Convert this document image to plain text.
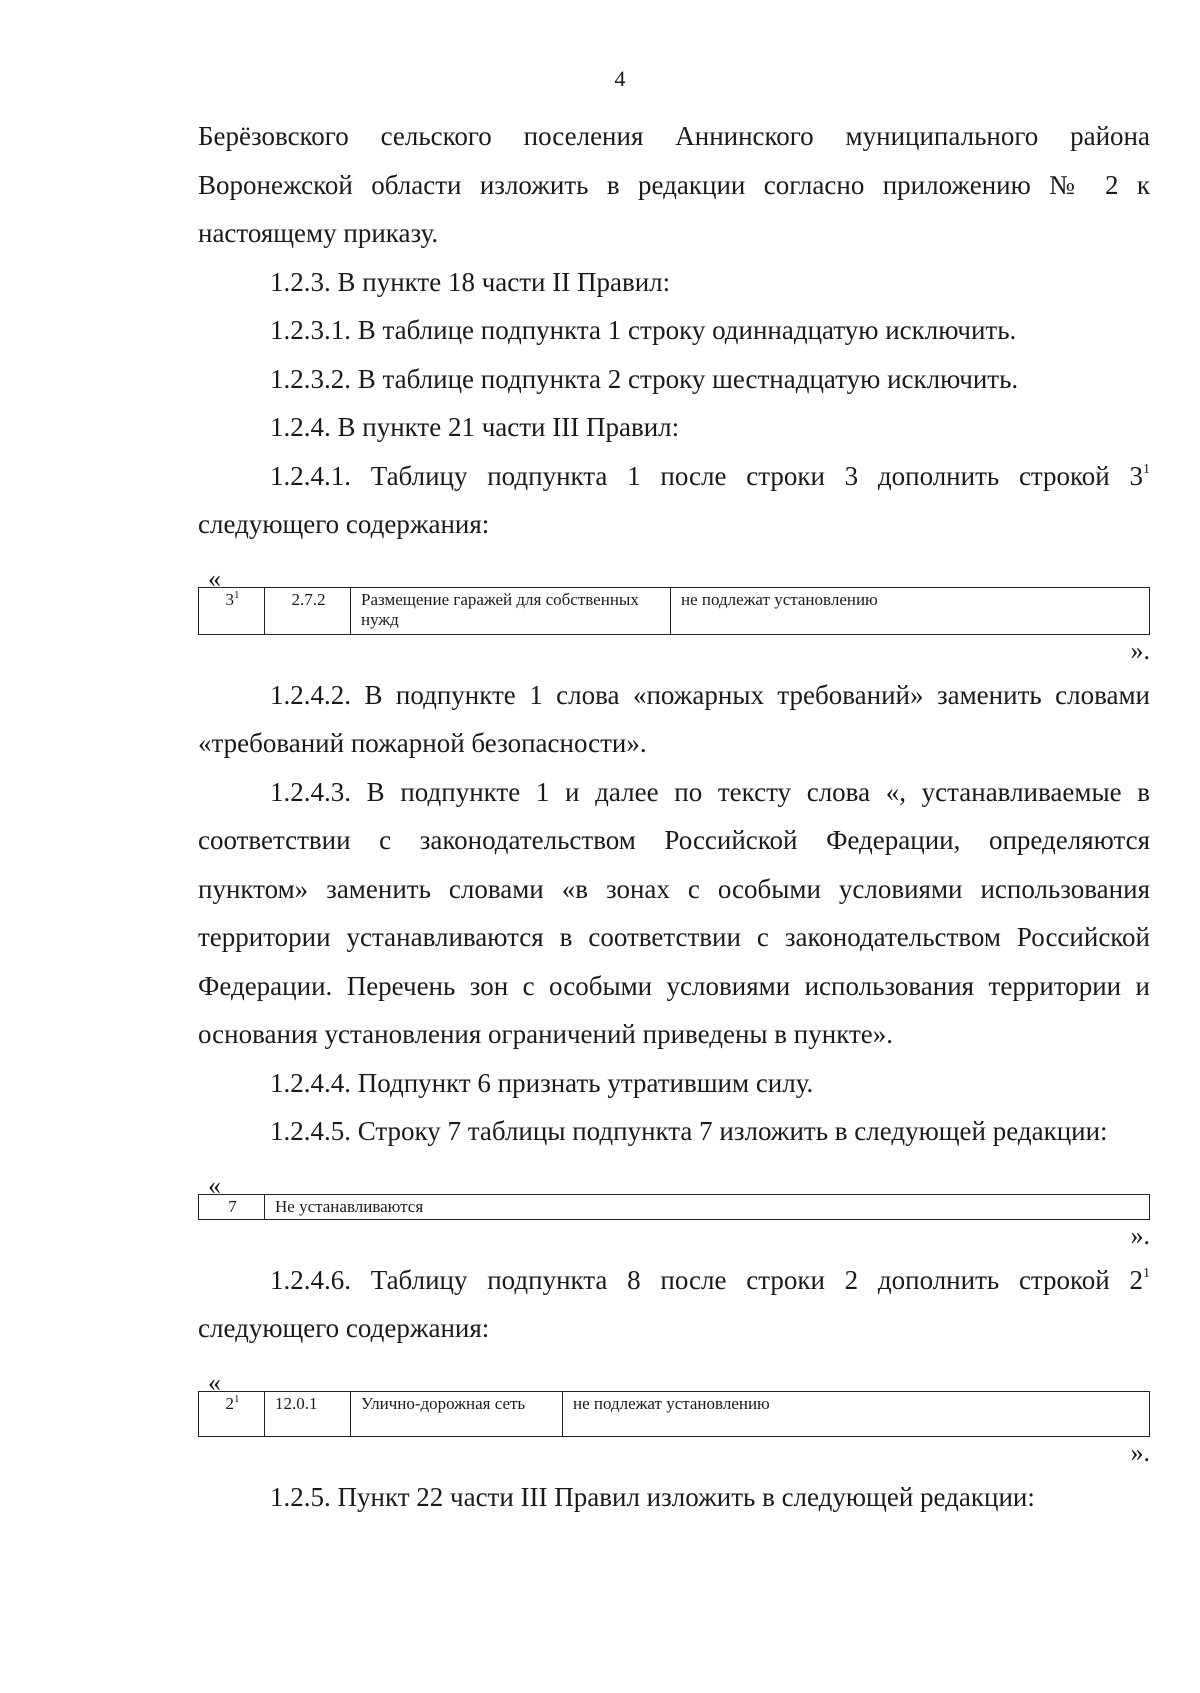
4

Берёзовского сельского поселения Аннинского муниципального района Воронежской области изложить в редакции согласно приложению № 2 к настоящему приказу.

1.2.3. В пункте 18 части II Правил:

1.2.3.1. В таблице подпункта 1 строку одиннадцатую исключить.

1.2.3.2. В таблице подпункта 2 строку шестнадцатую исключить.

1.2.4. В пункте 21 части III Правил:

1.2.4.1. Таблицу подпункта 1 после строки 3 дополнить строкой $3^1$ следующего содержания:

«
$3^1$	2.7.2	Размещение гаражей для собственных нужд	не подлежат установлению
».

1.2.4.2. В подпункте 1 слова «пожарных требований» заменить словами «требований пожарной безопасности».

1.2.4.3. В подпункте 1 и далее по тексту слова «, устанавливаемые в соответствии с законодательством Российской Федерации, определяются пунктом» заменить словами «в зонах с особыми условиями использования территории устанавливаются в соответствии с законодательством Российской Федерации. Перечень зон с особыми условиями использования территории и основания установления ограничений приведены в пункте».

1.2.4.4. Подпункт 6 признать утратившим силу.

1.2.4.5. Строку 7 таблицы подпункта 7 изложить в следующей редакции:

«
7	Не устанавливаются
».

1.2.4.6. Таблицу подпункта 8 после строки 2 дополнить строкой $2^1$ следующего содержания:

«
$2^1$	12.0.1	Улично-дорожная сеть	не подлежат установлению
».

1.2.5. Пункт 22 части III Правил изложить в следующей редакции:
